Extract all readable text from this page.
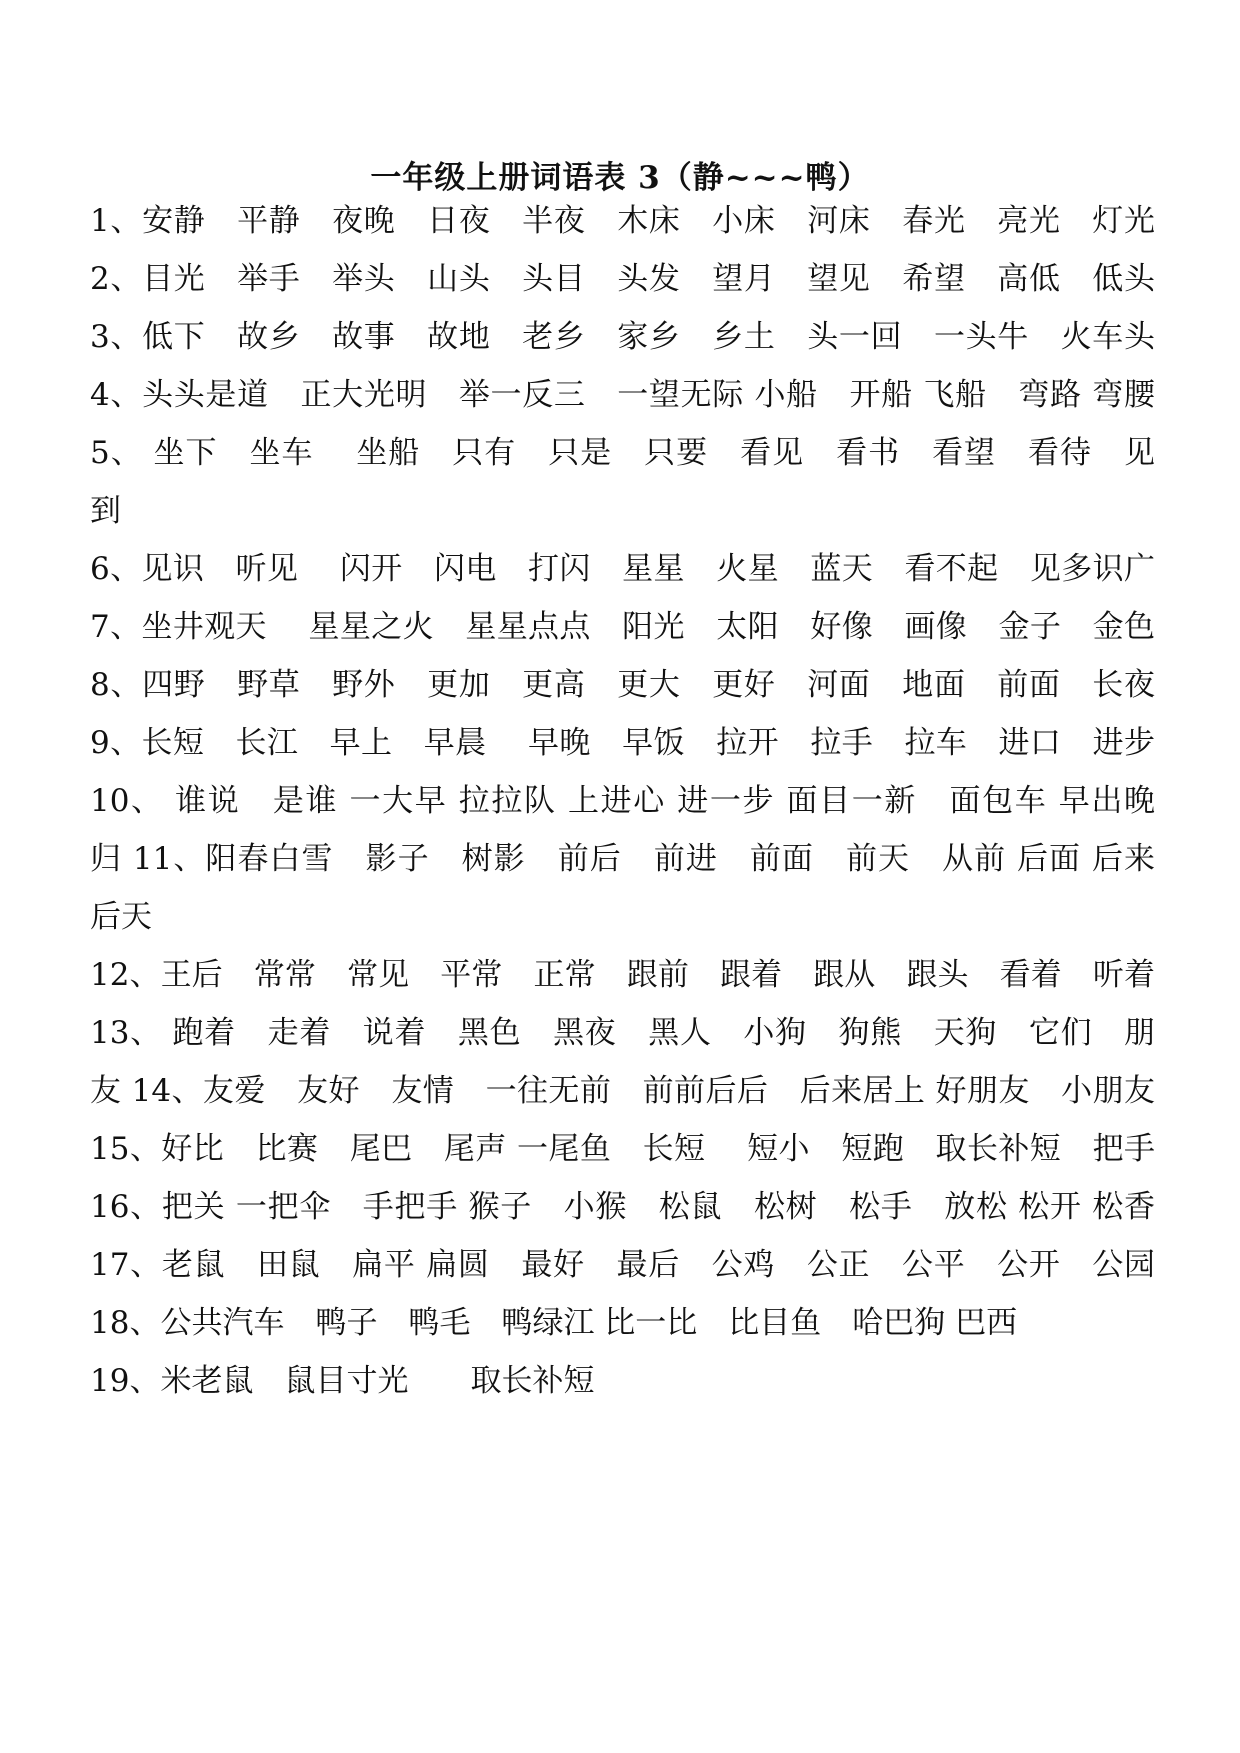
一年级上册词语表 3（静~~~鸭）
1、安静　平静　夜晚　日夜　半夜　木床　小床　河床　春光　亮光　灯光
2、目光　举手　举头　山头　头目　头发　望月　望见　希望　高低　低头
3、低下　故乡　故事　故地　老乡　家乡　乡土　头一回　一头牛　火车头
4、头头是道　正大光明　举一反三　一望无际 小船　开船 飞船　弯路 弯腰
5、 坐下　坐车　 坐船　只有　只是　只要　看见　看书　看望　看待　见
到
6、见识　听见　 闪开　闪电　打闪　星星　火星　蓝天　看不起　见多识广
7、坐井观天　 星星之火　星星点点　阳光　太阳　好像　画像　金子　金色
8、四野　野草　野外　更加　更高　更大　更好　河面　地面　前面　长夜
9、长短　长江　早上　早晨　 早晚　早饭　拉开　拉手　拉车　进口　进步
10、 谁说　是谁 一大早 拉拉队 上进心 进一步 面目一新　面包车 早出晚
归 11、阳春白雪　影子　树影　前后　前进　前面　前天　从前 后面 后来
后天
12、王后　常常　常见　平常　正常　跟前　跟着　跟从　跟头　看着　听着
13、 跑着　走着　说着　黑色　黑夜　黑人　小狗　狗熊　天狗　它们　朋
友 14、友爱　友好　友情　一往无前　前前后后　后来居上 好朋友　小朋友
15、好比　比赛　尾巴　尾声 一尾鱼　长短　 短小　短跑　取长补短　把手
16、把关 一把伞　手把手 猴子　小猴　松鼠　松树　松手　放松 松开 松香
17、老鼠　田鼠　扁平 扁圆　最好　最后　公鸡　公正　公平　公开　公园
18、公共汽车　鸭子　鸭毛　鸭绿江 比一比　比目鱼　哈巴狗 巴西
19、米老鼠　鼠目寸光　　取长补短
